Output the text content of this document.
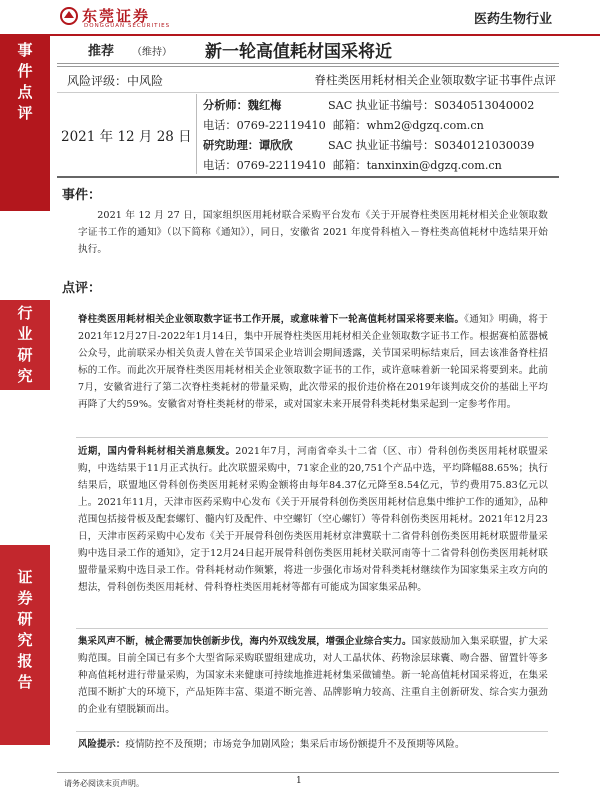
东莞证券
DONGGUAN SECURITIES	医药生物行业
事
件
点
评
行
业
研
究
证
券
研
究
报
告
推荐 （维持） 新一轮高值耗材国采将近
风险评级：中风险	脊柱类医用耗材相关企业领取数字证书事件点评
2021 年 12 月 28 日
分析师：魏红梅	SAC 执业证书编号：S0340513040002
电话：0769-22119410 邮箱：whm2@dgzq.com.cn
研究助理：谭欣欣	SAC 执业证书编号：S0340121030039
电话：0769-22119410 邮箱：tanxinxin@dgzq.com.cn
事件：
2021 年 12 月 27 日，国家组织医用耗材联合采购平台发布《关于开展脊柱类医用耗材相关企业领取数字证书工作的通知》（以下简称《通知》），同日，安徽省 2021 年度骨科植入－脊柱类高值耗材中选结果开始执行。
点评：
脊柱类医用耗材相关企业领取数字证书工作开展，或意味着下一轮高值耗材国采将要来临。《通知》明确，将于2021年12月27日-2022年1月14日，集中开展脊柱类医用耗材相关企业领取数字证书工作。根据赛柏蓝器械公众号，此前联采办相关负责人曾在关节国采企业培训会期间透露，关节国采明标结束后，回去该准备脊柱招标的工作。而此次开展脊柱类医用耗材相关企业领取数字证书的工作，或许意味着新一轮国采将要到来。此前7月，安徽省进行了第二次脊柱类耗材的带量采购，此次带采的报价违价格在2019年谈判成交价的基础上平均再降了大约59%。安徽省对脊柱类耗材的带采，或对国家未来开展骨科类耗材集采起到一定参考作用。
近期，国内骨科耗材相关消息频发。2021年7月，河南省牵头十二省（区、市）骨科创伤类医用耗材联盟采购，中选结果于11月正式执行。此次联盟采购中，71家企业的20,751个产品中选，平均降幅88.65%；执行结果后，联盟地区骨科创伤类医用耗材采购金额将由每年84.37亿元降至8.54亿元，节约费用75.83亿元以上。2021年11月，天津市医药采购中心发布《关于开展骨科创伤类医用耗材信息集中维护工作的通知》，品种范围包括接骨板及配套螺钉、髓内钉及配件、中空螺钉（空心螺钉）等骨科创伤类医用耗材。2021年12月23日，天津市医药采购中心发布《关于开展骨科创伤类医用耗材京津冀联十二省骨科创伤类医用耗材联盟带量采购中选目录工作的通知》，定于12月24日起开展骨科创伤类医用耗材关联河南等十二省骨科创伤类医用耗材联盟带量采购中选目录工作。骨科耗材动作频繁，将进一步强化市场对骨科类耗材继续作为国家集采主攻方向的想法，骨科创伤类医用耗材、骨科脊柱类医用耗材等都有可能成为国家集采品种。
集采风声不断，械企需要加快创新步伐，海内外双线发展，增强企业综合实力。国家鼓励加入集采联盟，扩大采购范围。目前全国已有多个大型省际采购联盟组建成功，对人工晶状体、药物涂层球囊、吻合器、留置针等多种高值耗材进行带量采购，为国家未来健康可持续地推进耗材集采做铺垫。新一轮高值耗材国采将近，在集采范围不断扩大的环境下，产品矩阵丰富、渠道不断完善、品牌影响力较高、注重自主创新研发、综合实力强劲的企业有望脱颖而出。
风险提示：疫情防控不及预期；市场竞争加剧风险；集采后市场份额提升不及预期等风险。
请务必阅读末页声明。	1
